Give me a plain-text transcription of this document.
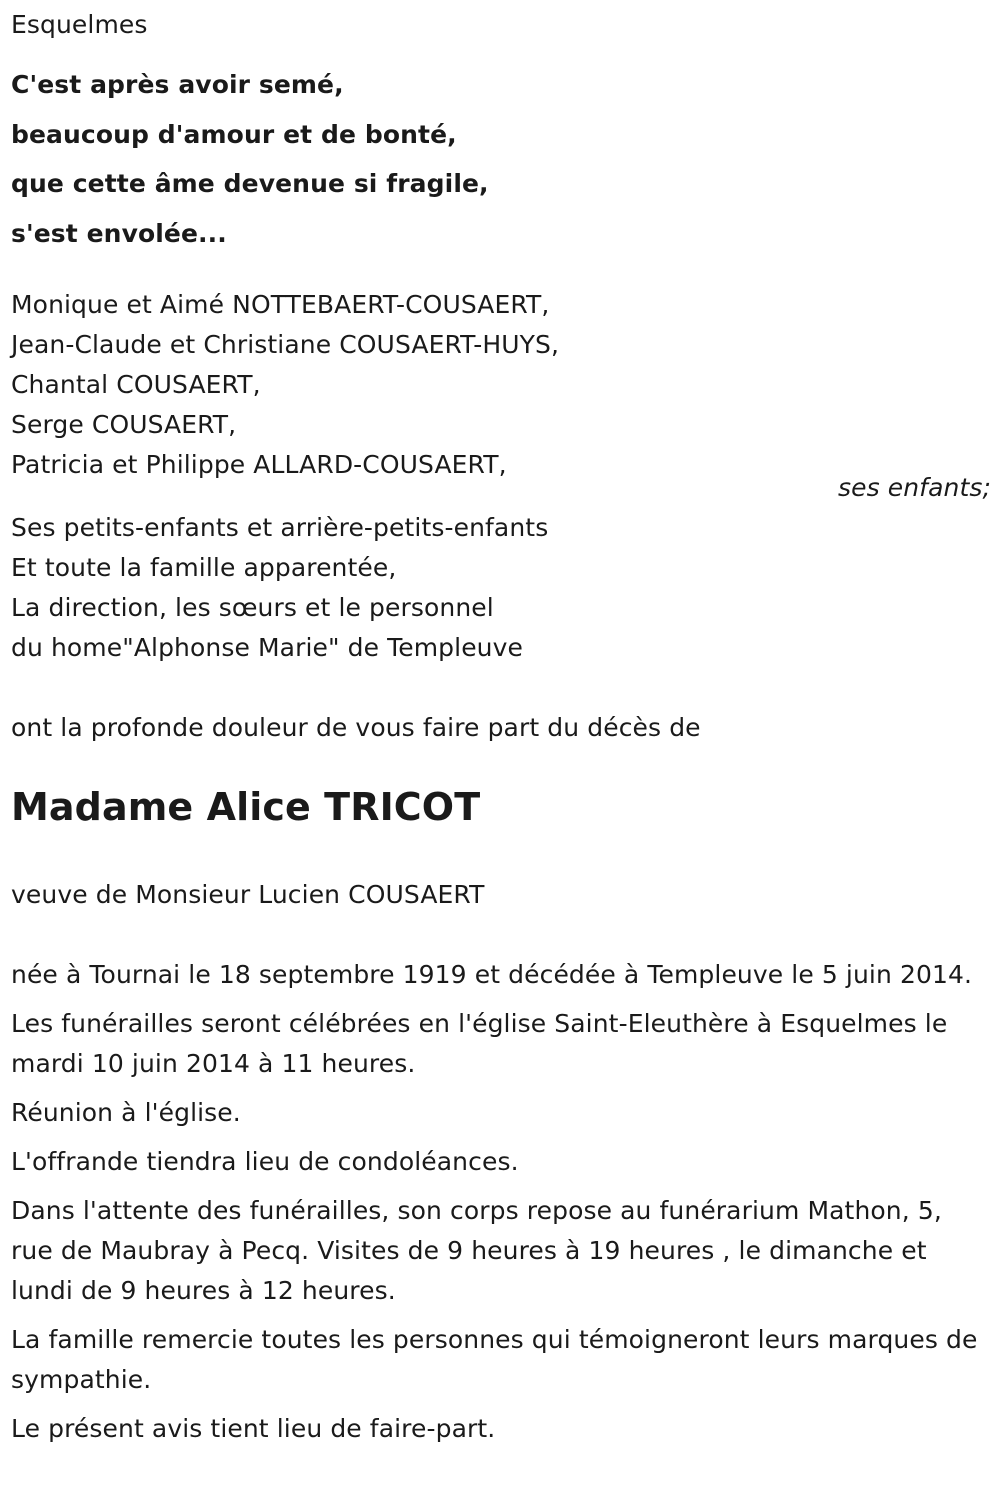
Esquelmes

C'est après avoir semé,

beaucoup d'amour et de bonté,

que cette âme devenue si fragile,

s'est envolée...

Monique et Aimé NOTTEBAERT-COUSAERT,
Jean-Claude et Christiane COUSAERT-HUYS,
Chantal COUSAERT,
Serge COUSAERT,
Patricia et Philippe ALLARD-COUSAERT,
ses enfants;
Ses petits-enfants et arrière-petits-enfants
Et toute la famille apparentée,
La direction, les sœurs et le personnel
du home"Alphonse Marie" de Templeuve
ont la profonde douleur de vous faire part du décès de
Madame Alice TRICOT
veuve de Monsieur Lucien COUSAERT

née à Tournai le 18 septembre 1919 et décédée à Templeuve le 5 juin 2014.

Les funérailles seront célébrées en l'église Saint-Eleuthère à Esquelmes le mardi 10 juin 2014 à 11 heures.

Réunion à l'église.

L'offrande tiendra lieu de condoléances.

Dans l'attente des funérailles, son corps repose au funérarium Mathon, 5, rue de Maubray à Pecq. Visites de 9 heures à 19 heures , le dimanche et lundi de 9 heures à 12 heures.

La famille remercie toutes les personnes qui témoigneront leurs marques de sympathie.

Le présent avis tient lieu de faire-part.
